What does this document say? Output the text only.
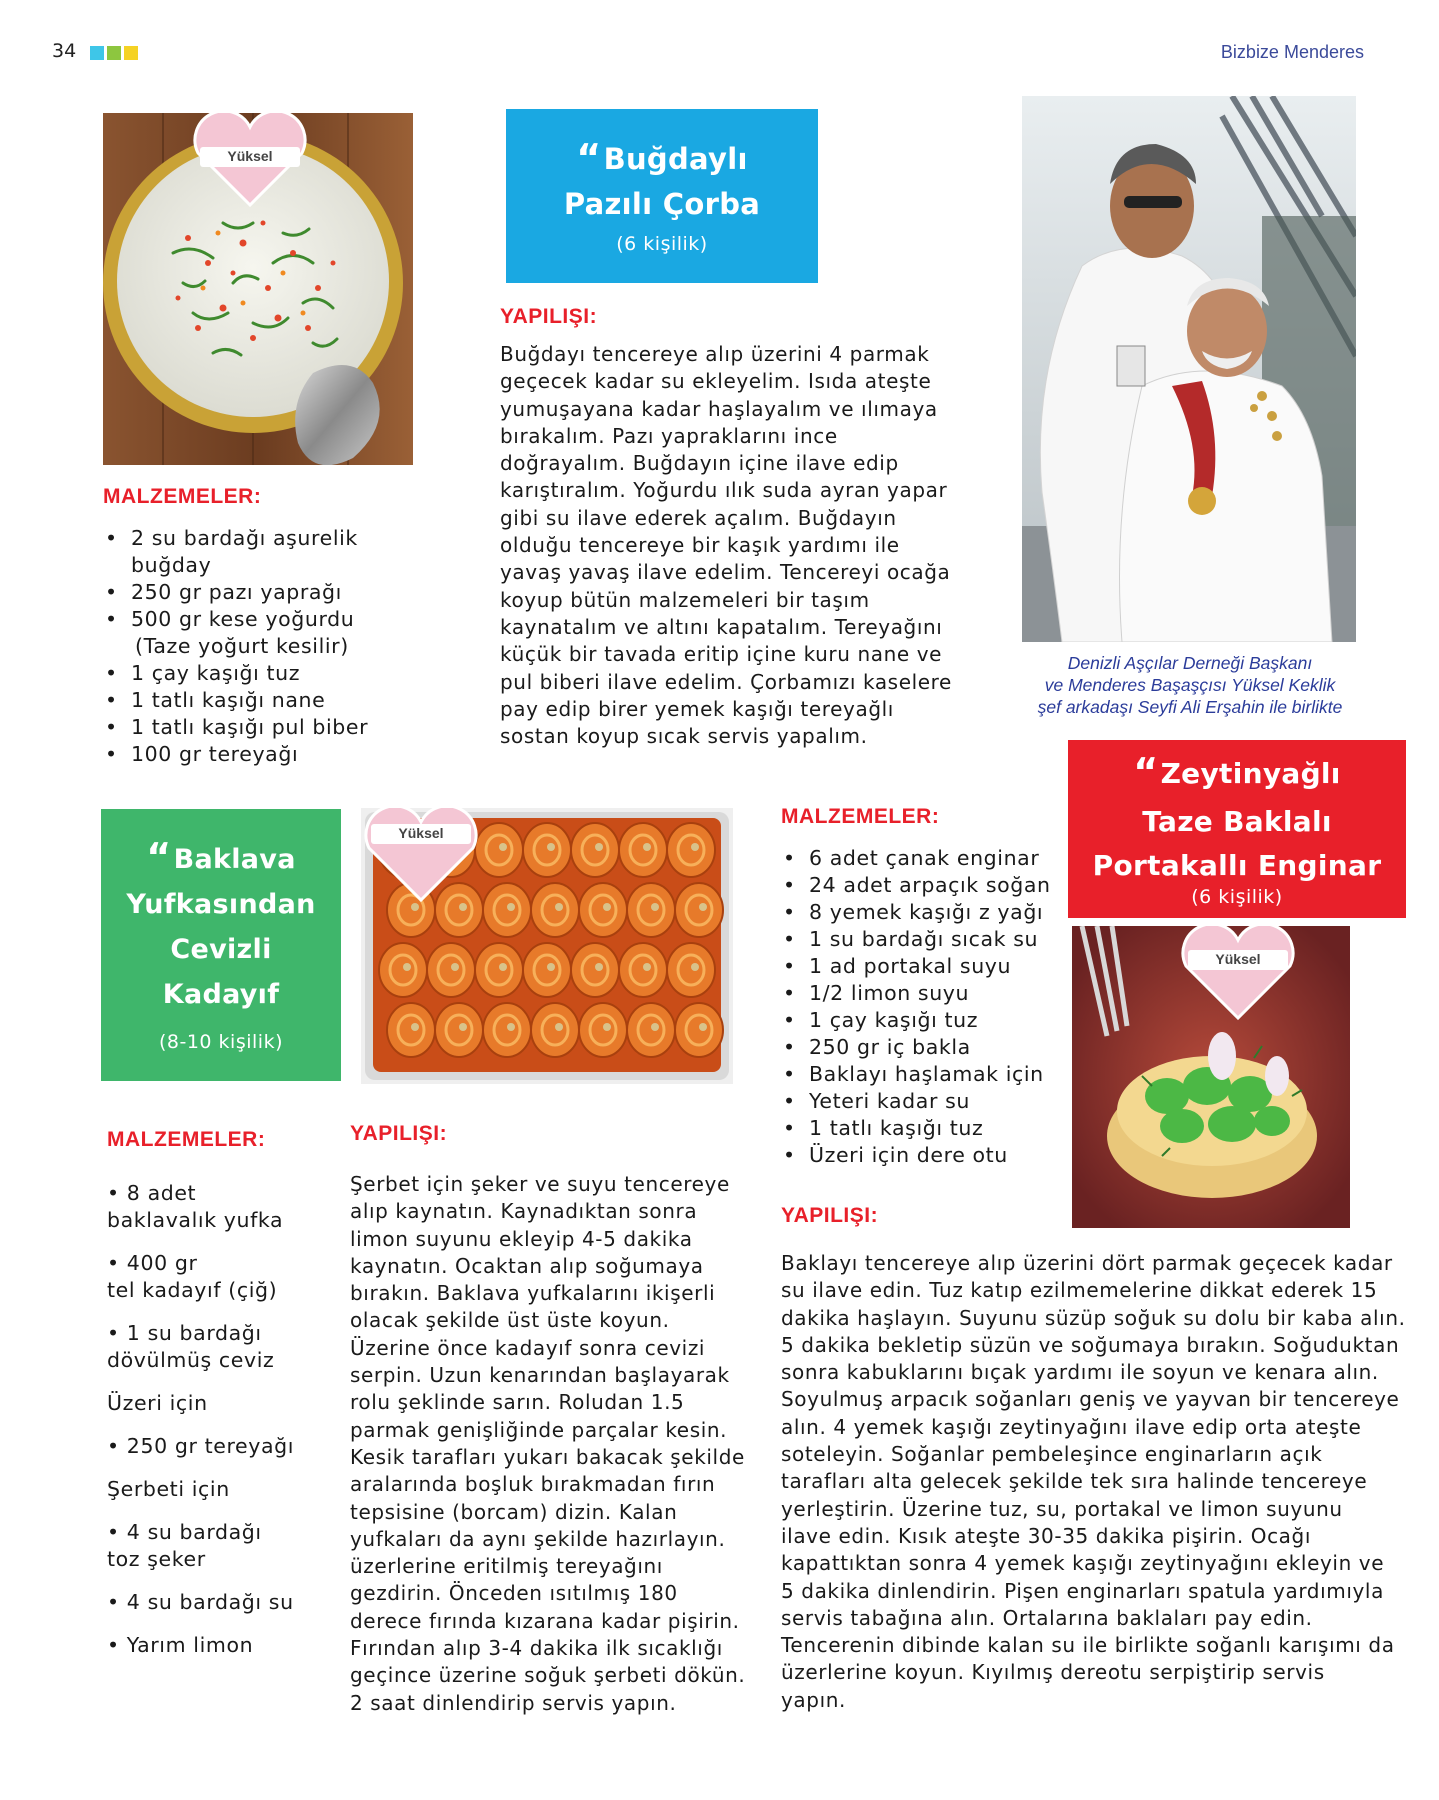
34	Bizbize Menderes
Yüksel	“Buğdaylı
Pazılı Çorba
(6 kişilik)
MALZEMELER:
• 2 su bardağı aşurelik buğday
• 250 gr pazı yaprağı
• 500 gr kese yoğurdu
(Taze yoğurt kesilir)
• 1 çay kaşığı tuz
• 1 tatlı kaşığı nane
• 1 tatlı kaşığı pul biber
• 100 gr tereyağı
YAPILIŞI:

Buğdayı tencereye alıp üzerini 4 parmak

geçecek kadar su ekleyelim. Isıda ateşte

yumuşayana kadar haşlayalım ve ılımaya

bırakalım. Pazı yapraklarını ince

doğrayalım. Buğdayın içine ilave edip

karıştıralım. Yoğurdu ılık suda ayran yapar

gibi su ilave ederek açalım. Buğdayın

olduğu tencereye bir kaşık yardımı ile

yavaş yavaş ilave edelim. Tencereyi ocağa

koyup bütün malzemeleri bir taşım

kaynatalım ve altını kapatalım. Tereyağını

küçük bir tavada eritip içine kuru nane ve

pul biberi ilave edelim. Çorbamızı kaselere

pay edip birer yemek kaşığı tereyağlı

sostan koyup sıcak servis yapalım.

Denizli Aşçılar Derneği Başkanı
ve Menderes Başaşçısı Yüksel Keklik
şef arkadaşı Seyfi Ali Erşahin ile birlikte
“Zeytinyağlı
Taze Baklalı
Portakallı Enginar
(6 kişilik)
Yüksel
“Baklava
Yufkasından
Cevizli
Kadayıf
(8-10 kişilik)
Yüksel
MALZEMELER:
• 8 adet
baklavalık yufka
• 400 gr
tel kadayıf (çiğ)
• 1 su bardağı
dövülmüş ceviz
Üzeri için
• 250 gr tereyağı
Şerbeti için
• 4 su bardağı
toz şeker
• 4 su bardağı su
• Yarım limon
YAPILIŞI:

Şerbet için şeker ve suyu tencereye

alıp kaynatın. Kaynadıktan sonra

limon suyunu ekleyip 4-5 dakika

kaynatın. Ocaktan alıp soğumaya

bırakın. Baklava yufkalarını ikişerli

olacak şekilde üst üste koyun.

Üzerine önce kadayıf sonra cevizi

serpin. Uzun kenarından başlayarak

rolu şeklinde sarın. Roludan 1.5

parmak genişliğinde parçalar kesin.

Kesik tarafları yukarı bakacak şekilde

aralarında boşluk bırakmadan fırın

tepsisine (borcam) dizin. Kalan

yufkaları da aynı şekilde hazırlayın.

üzerlerine eritilmiş tereyağını

gezdirin. Önceden ısıtılmış 180

derece fırında kızarana kadar pişirin.

Fırından alıp 3-4 dakika ilk sıcaklığı

geçince üzerine soğuk şerbeti dökün.

2 saat dinlendirip servis yapın.

MALZEMELER:
• 6 adet çanak enginar
• 24 adet arpaçık soğan
• 8 yemek kaşığı z yağı
• 1 su bardağı sıcak su
• 1 ad portakal suyu
• 1/2 limon suyu
• 1 çay kaşığı tuz
• 250 gr iç bakla
• Baklayı haşlamak için
• Yeteri kadar su
• 1 tatlı kaşığı tuz
• Üzeri için dere otu
YAPILIŞI:

Baklayı tencereye alıp üzerini dört parmak geçecek kadar

su ilave edin. Tuz katıp ezilmemelerine dikkat ederek 15

dakika haşlayın. Suyunu süzüp soğuk su dolu bir kaba alın.

5 dakika bekletip süzün ve soğumaya bırakın. Soğuduktan

sonra kabuklarını bıçak yardımı ile soyun ve kenara alın.

Soyulmuş arpacık soğanları geniş ve yayvan bir tencereye

alın. 4 yemek kaşığı zeytinyağını ilave edip orta ateşte

soteleyin. Soğanlar pembeleşince enginarların açık

tarafları alta gelecek şekilde tek sıra halinde tencereye

yerleştirin. Üzerine tuz, su, portakal ve limon suyunu

ilave edin. Kısık ateşte 30-35 dakika pişirin. Ocağı

kapattıktan sonra 4 yemek kaşığı zeytinyağını ekleyin ve

5 dakika dinlendirin. Pişen enginarları spatula yardımıyla

servis tabağına alın. Ortalarına baklaları pay edin.

Tencerenin dibinde kalan su ile birlikte soğanlı karışımı da

üzerlerine koyun. Kıyılmış dereotu serpiştirip servis

yapın.
